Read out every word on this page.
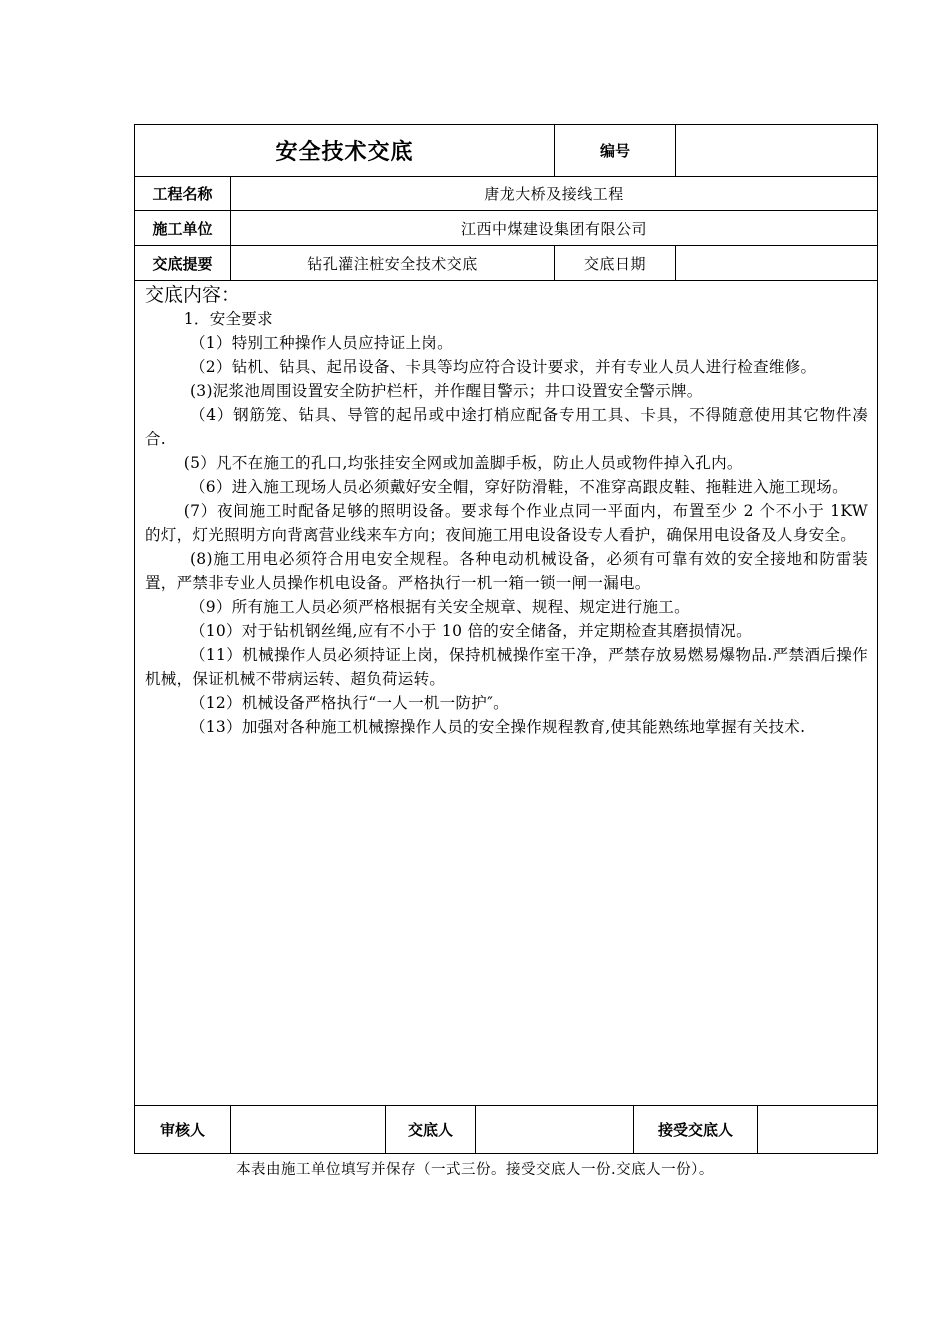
安全技术交底	编号
工程名称	唐龙大桥及接线工程
施工单位	江西中煤建设集团有限公司
交底提要	钻孔灌注桩安全技术交底	交底日期
交底内容：

1．安全要求

（1）特别工种操作人员应持证上岗。

（2）钻机、钻具、起吊设备、卡具等均应符合设计要求，并有专业人员人进行检查维修。

(3)泥浆池周围设置安全防护栏杆，并作醒目警示；井口设置安全警示牌。

（4）钢筋笼、钻具、导管的起吊或中途打梢应配备专用工具、卡具，不得随意使用其它物件凑合.

(5）凡不在施工的孔口,均张挂安全网或加盖脚手板，防止人员或物件掉入孔内。

（6）进入施工现场人员必须戴好安全帽，穿好防滑鞋，不准穿高跟皮鞋、拖鞋进入施工现场。

(7）夜间施工时配备足够的照明设备。要求每个作业点同一平面内，布置至少 2 个不小于 1KW 的灯，灯光照明方向背离营业线来车方向；夜间施工用电设备设专人看护，确保用电设备及人身安全。

(8)施工用电必须符合用电安全规程。各种电动机械设备，必须有可靠有效的安全接地和防雷装置，严禁非专业人员操作机电设备。严格执行一机一箱一锁一闸一漏电。

（9）所有施工人员必须严格根据有关安全规章、规程、规定进行施工。

（10）对于钻机钢丝绳,应有不小于 10 倍的安全储备，并定期检查其磨损情况。

（11）机械操作人员必须持证上岗，保持机械操作室干净，严禁存放易燃易爆物品.严禁酒后操作机械，保证机械不带病运转、超负荷运转。

（12）机械设备严格执行“一人一机一防护″。

（13）加强对各种施工机械擦操作人员的安全操作规程教育,使其能熟练地掌握有关技术.

审核人	交底人	接受交底人
本表由施工单位填写并保存（一式三份。接受交底人一份.交底人一份）。
